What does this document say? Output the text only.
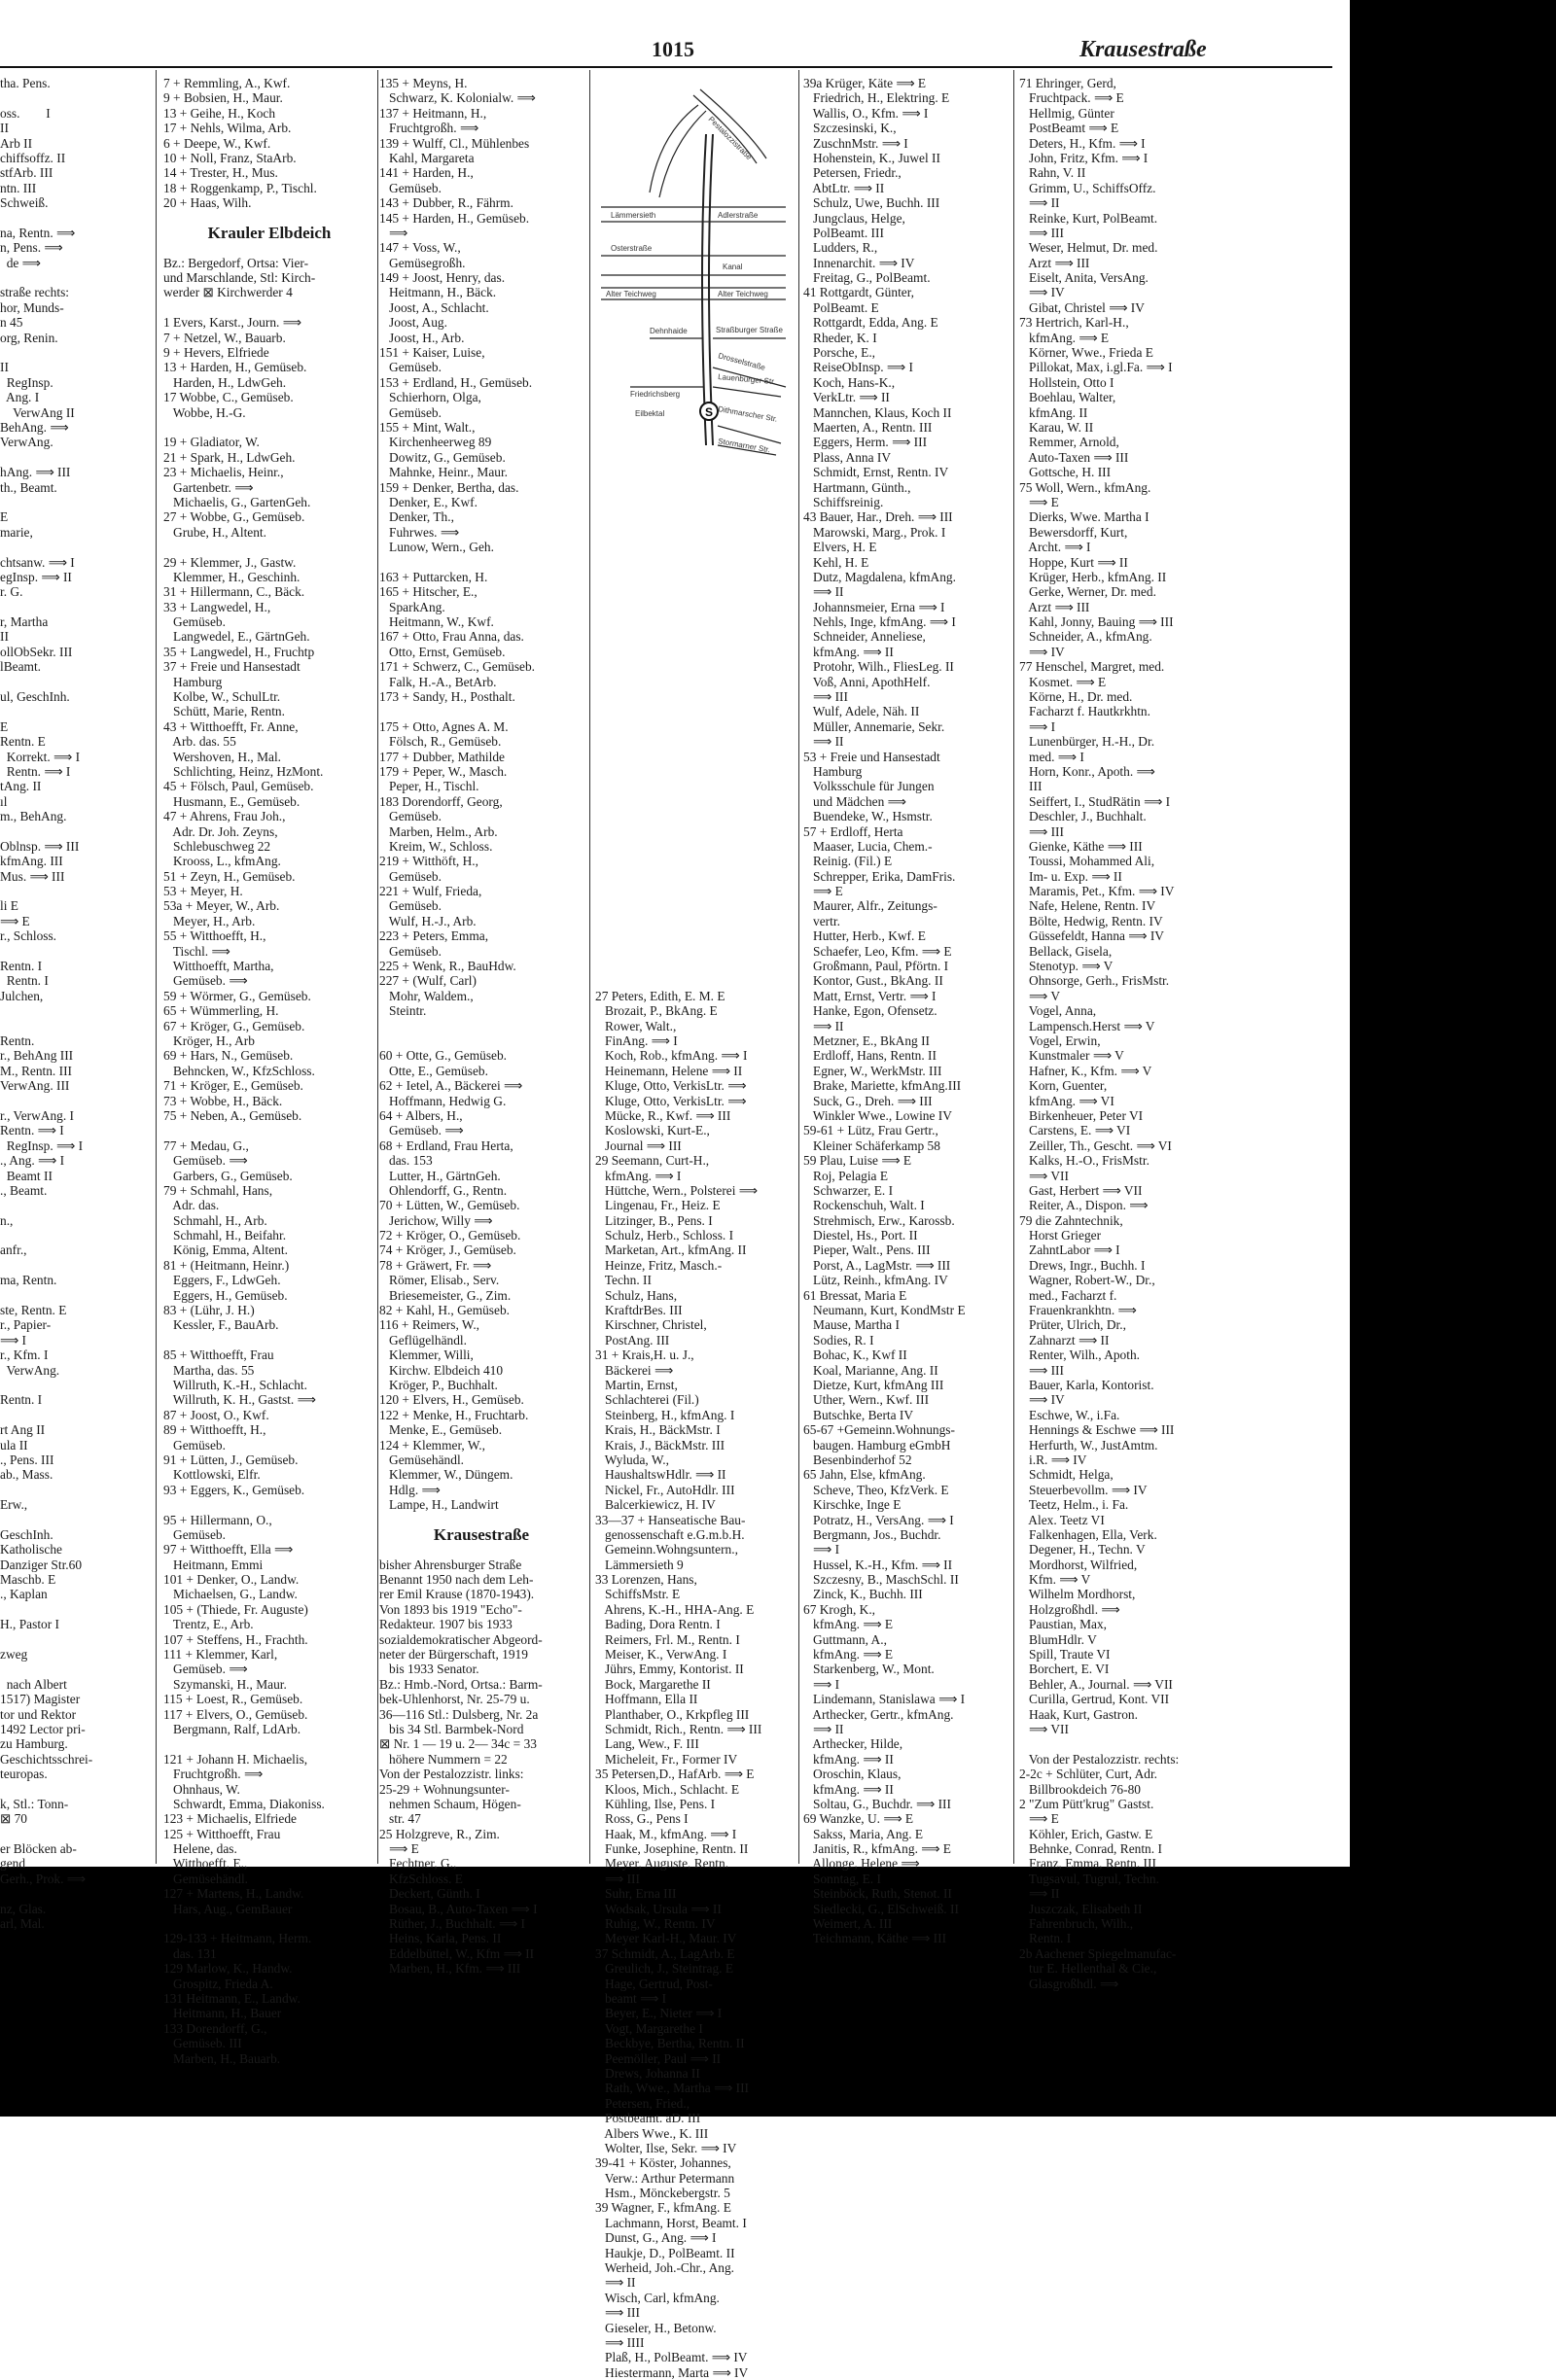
1015	Krausestraße
tha. Pens.
oss.        I
II
Arb II
chiffsoffz. II
stfArb. III
ntn. III
Schweiß.
na, Rentn. ⟹
n, Pens. ⟹
de ⟹
straße rechts:
hor, Munds-
n 45
org, Renin.
II
RegInsp.
Ang. I
VerwAng II
BehAng. ⟹
VerwAng.
hAng. ⟹ III
th., Beamt.
E
marie,
chtsanw. ⟹ I
egInsp. ⟹ II
r. G.
r, Martha
II
ollObSekr. III
lBeamt.
ul, GeschInh.
E
Rentn. E
Korrekt. ⟹ I
Rentn. ⟹ I
tAng. II
ıl
m., BehAng.
Oblnsp. ⟹ III
kfmAng. III
Mus. ⟹ III
li E
⟹ E
r., Schloss.
Rentn. I
Rentn. I
Julchen,
Rentn.
r., BehAng III
M., Rentn. III
VerwAng. III
r., VerwAng. I
Rentn. ⟹ I
RegInsp. ⟹ I
., Ang. ⟹ I
Beamt II
., Beamt.
n.,
anfr.,
ma, Rentn.
ste, Rentn. E
r., Papier-
⟹ I
r., Kfm. I
VerwAng.
Rentn. I
rt Ang II
ula II
., Pens. III
ab., Mass.
Erw.,
GeschInh.
Katholische
Danziger Str.60
Maschb. E
., Kaplan
H., Pastor I
zweg
nach Albert
1517) Magister
tor und Rektor
1492 Lector pri-
zu Hamburg.
Geschichtsschrei-
teuropas.
k, Stl.: Tonn-
⊠ 70
er Blöcken ab-
gend
Gerh., Prok. ⟹
nz, Glas.
arl, Mal.
7 + Remmling, A., Kwf.
9 + Bobsien, H., Maur.
13 + Geihe, H., Koch
17 + Nehls, Wilma, Arb.
6 + Deepe, W., Kwf.
10 + Noll, Franz, StaArb.
14 + Trester, H., Mus.
18 + Roggenkamp, P., Tischl.
20 + Haas, Wilh.
Krauler Elbdeich
Bz.: Bergedorf, Ortsa: Vier-
und Marschlande, Stl: Kirch-
werder ⊠ Kirchwerder 4
1 Evers, Karst., Journ. ⟹
7 + Netzel, W., Bauarb.
9 + Hevers, Elfriede
13 + Harden, H., Gemüseb.
Harden, H., LdwGeh.
17 Wobbe, C., Gemüseb.
Wobbe, H.-G.
19 + Gladiator, W.
21 + Spark, H., LdwGeh.
23 + Michaelis, Heinr.,
Gartenbetr. ⟹
Michaelis, G., GartenGeh.
27 + Wobbe, G., Gemüseb.
Grube, H., Altent.
29 + Klemmer, J., Gastw.
Klemmer, H., Geschinh.
31 + Hillermann, C., Bäck.
33 + Langwedel, H.,
Gemüseb.
Langwedel, E., GärtnGeh.
35 + Langwedel, H., Fruchtp
37 + Freie und Hansestadt
Hamburg
Kolbe, W., SchulLtr.
Schütt, Marie, Rentn.
43 + Witthoefft, Fr. Anne,
Arb. das. 55
Wershoven, H., Mal.
Schlichting, Heinz, HzMont.
45 + Fölsch, Paul, Gemüseb.
Husmann, E., Gemüseb.
47 + Ahrens, Frau Joh.,
Adr. Dr. Joh. Zeyns,
Schlebuschweg 22
Krooss, L., kfmAng.
51 + Zeyn, H., Gemüseb.
53 + Meyer, H.
53a + Meyer, W., Arb.
Meyer, H., Arb.
55 + Witthoefft, H.,
Tischl. ⟹
Witthoefft, Martha,
Gemüseb. ⟹
59 + Wörmer, G., Gemüseb.
65 + Wümmerling, H.
67 + Kröger, G., Gemüseb.
Kröger, H., Arb
69 + Hars, N., Gemüseb.
Behncken, W., KfzSchloss.
71 + Kröger, E., Gemüseb.
73 + Wobbe, H., Bäck.
75 + Neben, A., Gemüseb.
77 + Medau, G.,
Gemüseb. ⟹
Garbers, G., Gemüseb.
79 + Schmahl, Hans,
Adr. das.
Schmahl, H., Arb.
Schmahl, H., Beifahr.
König, Emma, Altent.
81 + (Heitmann, Heinr.)
Eggers, F., LdwGeh.
Eggers, H., Gemüseb.
83 + (Lühr, J. H.)
Kessler, F., BauArb.
85 + Witthoefft, Frau
Martha, das. 55
Willruth, K.-H., Schlacht.
Willruth, K. H., Gastst. ⟹
87 + Joost, O., Kwf.
89 + Witthoefft, H.,
Gemüseb.
91 + Lütten, J., Gemüseb.
Kottlowski, Elfr.
93 + Eggers, K., Gemüseb.
95 + Hillermann, O.,
Gemüseb.
97 + Witthoefft, Ella ⟹
Heitmann, Emmi
101 + Denker, O., Landw.
Michaelsen, G., Landw.
105 + (Thiede, Fr. Auguste)
Trentz, E., Arb.
107 + Steffens, H., Frachth.
111 + Klemmer, Karl,
Gemüseb. ⟹
Szymanski, H., Maur.
115 + Loest, R., Gemüseb.
117 + Elvers, O., Gemüseb.
Bergmann, Ralf, LdArb.
121 + Johann H. Michaelis,
Fruchtgroßh. ⟹
Ohnhaus, W.
Schwardt, Emma, Diakoniss.
123 + Michaelis, Elfriede
125 + Witthoefft, Frau
Helene, das.
Witthoefft, E.,
Gemüsehändl.
127 + Martens, H., Landw.
Hars, Aug., GemBauer
129-133 + Heitmann, Herm.
das. 131
129 Marlow, K., Handw.
Grospitz, Frieda A.
131 Heitmann, E., Landw.
Heitmann, H., Bauer
133 Dorendorff, G.,
Gemüseb. III
Marben, H., Bauarb.
135 + Meyns, H.
Schwarz, K. Kolonialw. ⟹
137 + Heitmann, H.,
Fruchtgroßh. ⟹
139 + Wulff, Cl., Mühlenbes
Kahl, Margareta
141 + Harden, H.,
Gemüseb.
143 + Dubber, R., Fährm.
145 + Harden, H., Gemüseb.
⟹
147 + Voss, W.,
Gemüsegroßh.
149 + Joost, Henry, das.
Heitmann, H., Bäck.
Joost, A., Schlacht.
Joost, Aug.
Joost, H., Arb.
151 + Kaiser, Luise,
Gemüseb.
153 + Erdland, H., Gemüseb.
Schierhorn, Olga,
Gemüseb.
155 + Mint, Walt.,
Kirchenheerweg 89
Dowitz, G., Gemüseb.
Mahnke, Heinr., Maur.
159 + Denker, Bertha, das.
Denker, E., Kwf.
Denker, Th.,
Fuhrwes. ⟹
Lunow, Wern., Geh.
163 + Puttarcken, H.
165 + Hitscher, E.,
SparkAng.
Heitmann, W., Kwf.
167 + Otto, Frau Anna, das.
Otto, Ernst, Gemüseb.
171 + Schwerz, C., Gemüseb.
Falk, H.-A., BetArb.
173 + Sandy, H., Posthalt.
175 + Otto, Agnes A. M.
Fölsch, R., Gemüseb.
177 + Dubber, Mathilde
179 + Peper, W., Masch.
Peper, H., Tischl.
183 Dorendorff, Georg,
Gemüseb.
Marben, Helm., Arb.
Kreim, W., Schloss.
219 + Witthöft, H.,
Gemüseb.
221 + Wulf, Frieda,
Gemüseb.
Wulf, H.-J., Arb.
223 + Peters, Emma,
Gemüseb.
225 + Wenk, R., BauHdw.
227 + (Wulf, Carl)
Mohr, Waldem.,
Steintr.
60 + Otte, G., Gemüseb.
Otte, E., Gemüseb.
62 + Ietel, A., Bäckerei ⟹
Hoffmann, Hedwig G.
64 + Albers, H.,
Gemüseb. ⟹
68 + Erdland, Frau Herta,
das. 153
Lutter, H., GärtnGeh.
Ohlendorff, G., Rentn.
70 + Lütten, W., Gemüseb.
Jerichow, Willy ⟹
72 + Kröger, O., Gemüseb.
74 + Kröger, J., Gemüseb.
78 + Gräwert, Fr. ⟹
Römer, Elisab., Serv.
Briesemeister, G., Zim.
82 + Kahl, H., Gemüseb.
116 + Reimers, W.,
Geflügelhändl.
Klemmer, Willi,
Kirchw. Elbdeich 410
Kröger, P., Buchhalt.
120 + Elvers, H., Gemüseb.
122 + Menke, H., Fruchtarb.
Menke, E., Gemüseb.
124 + Klemmer, W.,
Gemüsehändl.
Klemmer, W., Düngem.
Hdlg. ⟹
Lampe, H., Landwirt
Krausestraße
bisher Ahrensburger Straße
Benannt 1950 nach dem Leh-
rer Emil Krause (1870-1943).
Von 1893 bis 1919 "Echo"-
Redakteur. 1907 bis 1933
sozialdemokratischer Abgeord-
neter der Bürgerschaft, 1919
bis 1933 Senator.
Bz.: Hmb.-Nord, Ortsa.: Barm-
bek-Uhlenhorst, Nr. 25-79 u.
36—116 Stl.: Dulsberg, Nr. 2a
bis 34 Stl. Barmbek-Nord
⊠ Nr. 1 — 19 u. 2— 34c = 33
höhere Nummern = 22
Von der Pestalozzistr. links:
25-29 + Wohnungsunter-
nehmen Schaum, Högen-
str. 47
25 Holzgreve, R., Zim.
⟹ E
Fechtner, G.,
KfzSchloss. E
Deckert, Günth. I
Bosau, B., Auto-Taxen ⟹ I
Rüther, J., Buchhalt. ⟹ I
Heins, Karla, Pens. II
Eddelbüttel, W., Kfm ⟹ II
Marben, H., Kfm. ⟹ III
27 Peters, Edith, E. M. E
Brozait, P., BkAng. E
Rower, Walt.,
FinAng. ⟹ I
Koch, Rob., kfmAng. ⟹ I
Heinemann, Helene ⟹ II
Kluge, Otto, VerkisLtr. ⟹
Kluge, Otto, VerkisLtr. ⟹
Mücke, R., Kwf. ⟹ III
Koslowski, Kurt-E.,
Journal ⟹ III
29 Seemann, Curt-H.,
kfmAng. ⟹ I
Hüttche, Wern., Polsterei ⟹
Lingenau, Fr., Heiz. E
Litzinger, B., Pens. I
Schulz, Herb., Schloss. I
Marketan, Art., kfmAng. II
Heinze, Fritz, Masch.-
Techn. II
Schulz, Hans,
KraftdrBes. III
Kirschner, Christel,
PostAng. III
31 + Krais,H. u. J.,
Bäckerei ⟹
Martin, Ernst,
Schlachterei (Fil.)
Steinberg, H., kfmAng. I
Krais, H., BäckMstr. I
Krais, J., BäckMstr. III
Wyluda, W.,
HaushaltswHdlr. ⟹ II
Nickel, Fr., AutoHdlr. III
Balcerkiewicz, H. IV
33—37 + Hanseatische Bau-
genossenschaft e.G.m.b.H.
Gemeinn.Wohngsuntern.,
Lämmersieth 9
33 Lorenzen, Hans,
SchiffsMstr. E
Ahrens, K.-H., HHA-Ang. E
Bading, Dora Rentn. I
Reimers, Frl. M., Rentn. I
Meiser, K., VerwAng. I
Jührs, Emmy, Kontorist. II
Bock, Margarethe II
Hoffmann, Ella II
Planthaber, O., Krkpfleg III
Schmidt, Rich., Rentn. ⟹ III
Lang, Wew., F. III
Micheleit, Fr., Former IV
35 Petersen,D., HafArb. ⟹ E
Kloos, Mich., Schlacht. E
Kühling, Ilse, Pens. I
Ross, G., Pens I
Haak, M., kfmAng. ⟹ I
Funke, Josephine, Rentn. II
Meyer, Auguste, Rentn.
⟹ III
Suhr, Erna III
Wodsak, Ursula ⟹ II
Ruhig, W., Rentn. IV
Meyer Karl-H., Maur. IV
37 Schmidt, A., LagArb. E
Greulich, J., Steintrag. E
Hage, Gertrud, Post-
beamt ⟹ I
Beyer, E., Nieter ⟹ I
Vogt, Margarethe I
Beckbye, Bertha, Rentn. II
Peemöller, Paul ⟹ II
Drews, Johanna II
Rath, Wwe., Martha ⟹ III
Petersen, Fried.,
Postbeamt. aD. III
Albers Wwe., K. III
Wolter, Ilse, Sekr. ⟹ IV
39-41 + Köster, Johannes,
Verw.: Arthur Petermann
Hsm., Mönckebergstr. 5
39 Wagner, F., kfmAng. E
Lachmann, Horst, Beamt. I
Dunst, G., Ang. ⟹ I
Haukje, D., PolBeamt. II
Werheid, Joh.-Chr., Ang.
⟹ II
Wisch, Carl, kfmAng.
⟹ III
Gieseler, H., Betonw.
⟹ IIII
Plaß, H., PolBeamt. ⟹ IV
Hiestermann, Marta ⟹ IV
39a Krüger, Käte ⟹ E
Friedrich, H., Elektring. E
Wallis, O., Kfm. ⟹ I
Szczesinski, K.,
ZuschnMstr. ⟹ I
Hohenstein, K., Juwel II
Petersen, Friedr.,
AbtLtr. ⟹ II
Schulz, Uwe, Buchh. III
Jungclaus, Helge,
PolBeamt. III
Ludders, R.,
Innenarchit. ⟹ IV
Freitag, G., PolBeamt.
41 Rottgardt, Günter,
PolBeamt. E
Rottgardt, Edda, Ang. E
Rheder, K. I
Porsche, E.,
ReiseObInsp. ⟹ I
Koch, Hans-K.,
VerkLtr. ⟹ II
Mannchen, Klaus, Koch II
Maerten, A., Rentn. III
Eggers, Herm. ⟹ III
Plass, Anna IV
Schmidt, Ernst, Rentn. IV
Hartmann, Günth.,
Schiffsreinig.
43 Bauer, Har., Dreh. ⟹ III
Marowski, Marg., Prok. I
Elvers, H. E
Kehl, H. E
Dutz, Magdalena, kfmAng.
⟹ II
Johannsmeier, Erna ⟹ I
Nehls, Inge, kfmAng. ⟹ I
Schneider, Anneliese,
kfmAng. ⟹ II
Protohr, Wilh., FliesLeg. II
Voß, Anni, ApothHelf.
⟹ III
Wulf, Adele, Näh. II
Müller, Annemarie, Sekr.
⟹ II
53 + Freie und Hansestadt
Hamburg
Volksschule für Jungen
und Mädchen ⟹
Buendeke, W., Hsmstr.
57 + Erdloff, Herta
Maaser, Lucia, Chem.-
Reinig. (Fil.) E
Schrepper, Erika, DamFris.
⟹ E
Maurer, Alfr., Zeitungs-
vertr.
Hutter, Herb., Kwf. E
Schaefer, Leo, Kfm. ⟹ E
Großmann, Paul, Pförtn. I
Kontor, Gust., BkAng. II
Matt, Ernst, Vertr. ⟹ I
Hanke, Egon, Ofensetz.
⟹ II
Metzner, E., BkAng II
Erdloff, Hans, Rentn. II
Egner, W., WerkMstr. III
Brake, Mariette, kfmAng.III
Suck, G., Dreh. ⟹ III
Winkler Wwe., Lowine IV
59-61 + Lütz, Frau Gertr.,
Kleiner Schäferkamp 58
59 Plau, Luise ⟹ E
Roj, Pelagia E
Schwarzer, E. I
Rockenschuh, Walt. I
Strehmisch, Erw., Karossb.
Diestel, Hs., Port. II
Pieper, Walt., Pens. III
Porst, A., LagMstr. ⟹ III
Lütz, Reinh., kfmAng. IV
61 Bressat, Maria E
Neumann, Kurt, KondMstr E
Mause, Martha I
Sodies, R. I
Bohac, K., Kwf II
Koal, Marianne, Ang. II
Dietze, Kurt, kfmAng III
Uther, Wern., Kwf. III
Butschke, Berta IV
65-67 +Gemeinn.Wohnungs-
baugen. Hamburg eGmbH
Besenbinderhof 52
65 Jahn, Else, kfmAng.
Scheve, Theo, KfzVerk. E
Kirschke, Inge E
Potratz, H., VersAng. ⟹ I
Bergmann, Jos., Buchdr.
⟹ I
Hussel, K.-H., Kfm. ⟹ II
Szczesny, B., MaschSchl. II
Zinck, K., Buchh. III
67 Krogh, K.,
kfmAng. ⟹ E
Guttmann, A.,
kfmAng. ⟹ E
Starkenberg, W., Mont.
⟹ I
Lindemann, Stanislawa ⟹ I
Arthecker, Gertr., kfmAng.
⟹ II
Arthecker, Hilde,
kfmAng. ⟹ II
Oroschin, Klaus,
kfmAng. ⟹ II
Soltau, G., Buchdr. ⟹ III
69 Wanzke, U. ⟹ E
Sakss, Maria, Ang. E
Janitis, R., kfmAng. ⟹ E
Allonge, Helene ⟹
Sonntag, E. I
Steinböck, Ruth, Stenot. II
Siedlecki, G., ElSchweiß. II
Weimert, A. III
Teichmann, Käthe ⟹ III
71 Ehringer, Gerd,
Fruchtpack. ⟹ E
Hellmig, Günter
PostBeamt ⟹ E
Deters, H., Kfm. ⟹ I
John, Fritz, Kfm. ⟹ I
Rahn, V. II
Grimm, U., SchiffsOffz.
⟹ II
Reinke, Kurt, PolBeamt.
⟹ III
Weser, Helmut, Dr. med.
Arzt ⟹ III
Eiselt, Anita, VersAng.
⟹ IV
Gibat, Christel ⟹ IV
73 Hertrich, Karl-H.,
kfmAng. ⟹ E
Körner, Wwe., Frieda E
Pillokat, Max, i.gl.Fa. ⟹ I
Hollstein, Otto I
Boehlau, Walter,
kfmAng. II
Karau, W. II
Remmer, Arnold,
Auto-Taxen ⟹ III
Gottsche, H. III
75 Woll, Wern., kfmAng.
⟹ E
Dierks, Wwe. Martha I
Bewersdorff, Kurt,
Archt. ⟹ I
Hoppe, Kurt ⟹ II
Krüger, Herb., kfmAng. II
Gerke, Werner, Dr. med.
Arzt ⟹ III
Kahl, Jonny, Bauing ⟹ III
Schneider, A., kfmAng.
⟹ IV
77 Henschel, Margret, med.
Kosmet. ⟹ E
Körne, H., Dr. med.
Facharzt f. Hautkrkhtn.
⟹ I
Lunenbürger, H.-H., Dr.
med. ⟹ I
Horn, Konr., Apoth. ⟹
III
Seiffert, I., StudRätin ⟹ I
Deschler, J., Buchhalt.
⟹ III
Gienke, Käthe ⟹ III
Toussi, Mohammed Ali,
Im- u. Exp. ⟹ II
Maramis, Pet., Kfm. ⟹ IV
Nafe, Helene, Rentn. IV
Bölte, Hedwig, Rentn. IV
Güssefeldt, Hanna ⟹ IV
Bellack, Gisela,
Stenotyp. ⟹ V
Ohnsorge, Gerh., FrisMstr.
⟹ V
Vogel, Anna,
Lampensch.Herst ⟹ V
Vogel, Erwin,
Kunstmaler ⟹ V
Hafner, K., Kfm. ⟹ V
Korn, Guenter,
kfmAng. ⟹ VI
Birkenheuer, Peter VI
Carstens, E. ⟹ VI
Zeiller, Th., Gescht. ⟹ VI
Kalks, H.-O., FrisMstr.
⟹ VII
Gast, Herbert ⟹ VII
Reiter, A., Dispon. ⟹
79 die Zahntechnik,
Horst Grieger
ZahntLabor ⟹ I
Drews, Ingr., Buchh. I
Wagner, Robert-W., Dr.,
med., Facharzt f.
Frauenkrankhtn. ⟹
Prüter, Ulrich, Dr.,
Zahnarzt ⟹ II
Renter, Wilh., Apoth.
⟹ III
Bauer, Karla, Kontorist.
⟹ IV
Eschwe, W., i.Fa.
Hennings & Eschwe ⟹ III
Herfurth, W., JustAmtm.
i.R. ⟹ IV
Schmidt, Helga,
Steuerbevollm. ⟹ IV
Teetz, Helm., i. Fa.
Alex. Teetz VI
Falkenhagen, Ella, Verk.
Degener, H., Techn. V
Mordhorst, Wilfried,
Kfm. ⟹ V
Wilhelm Mordhorst,
Holzgroßhdl. ⟹
Paustian, Max,
BlumHdlr. V
Spill, Traute VI
Borchert, E. VI
Behler, A., Journal. ⟹ VII
Curilla, Gertrud, Kont. VII
Haak, Kurt, Gastron.
⟹ VII
Von der Pestalozzistr. rechts:
2-2c + Schlüter, Curt, Adr.
Billbrookdeich 76-80
2 "Zum Pütt'krug" Gastst.
⟹ E
Köhler, Erich, Gastw. E
Behnke, Conrad, Rentn. I
Franz, Emma, Rentn. III
Tugsavul, Tugrul, Techn.
⟹ II
Juszczak, Elisabeth II
Fahrenbruch, Wilh.,
Rentn. I
2b Aachener Spiegelmanufac-
tur E. Hellenthal & Cie.,
Glasgroßhdl. ⟹
S
Pestalozzistraße
Lämmersieth	Adlerstraße
Osterstraße
Kanal
Alter Teichweg	Alter Teichweg
Dehnhaide	Straßburger Straße
Drosselstraße
Lauenburger Str.
Friedrichsberg
Eilbektal	Dithmarscher Str.
Stormarner Str.
